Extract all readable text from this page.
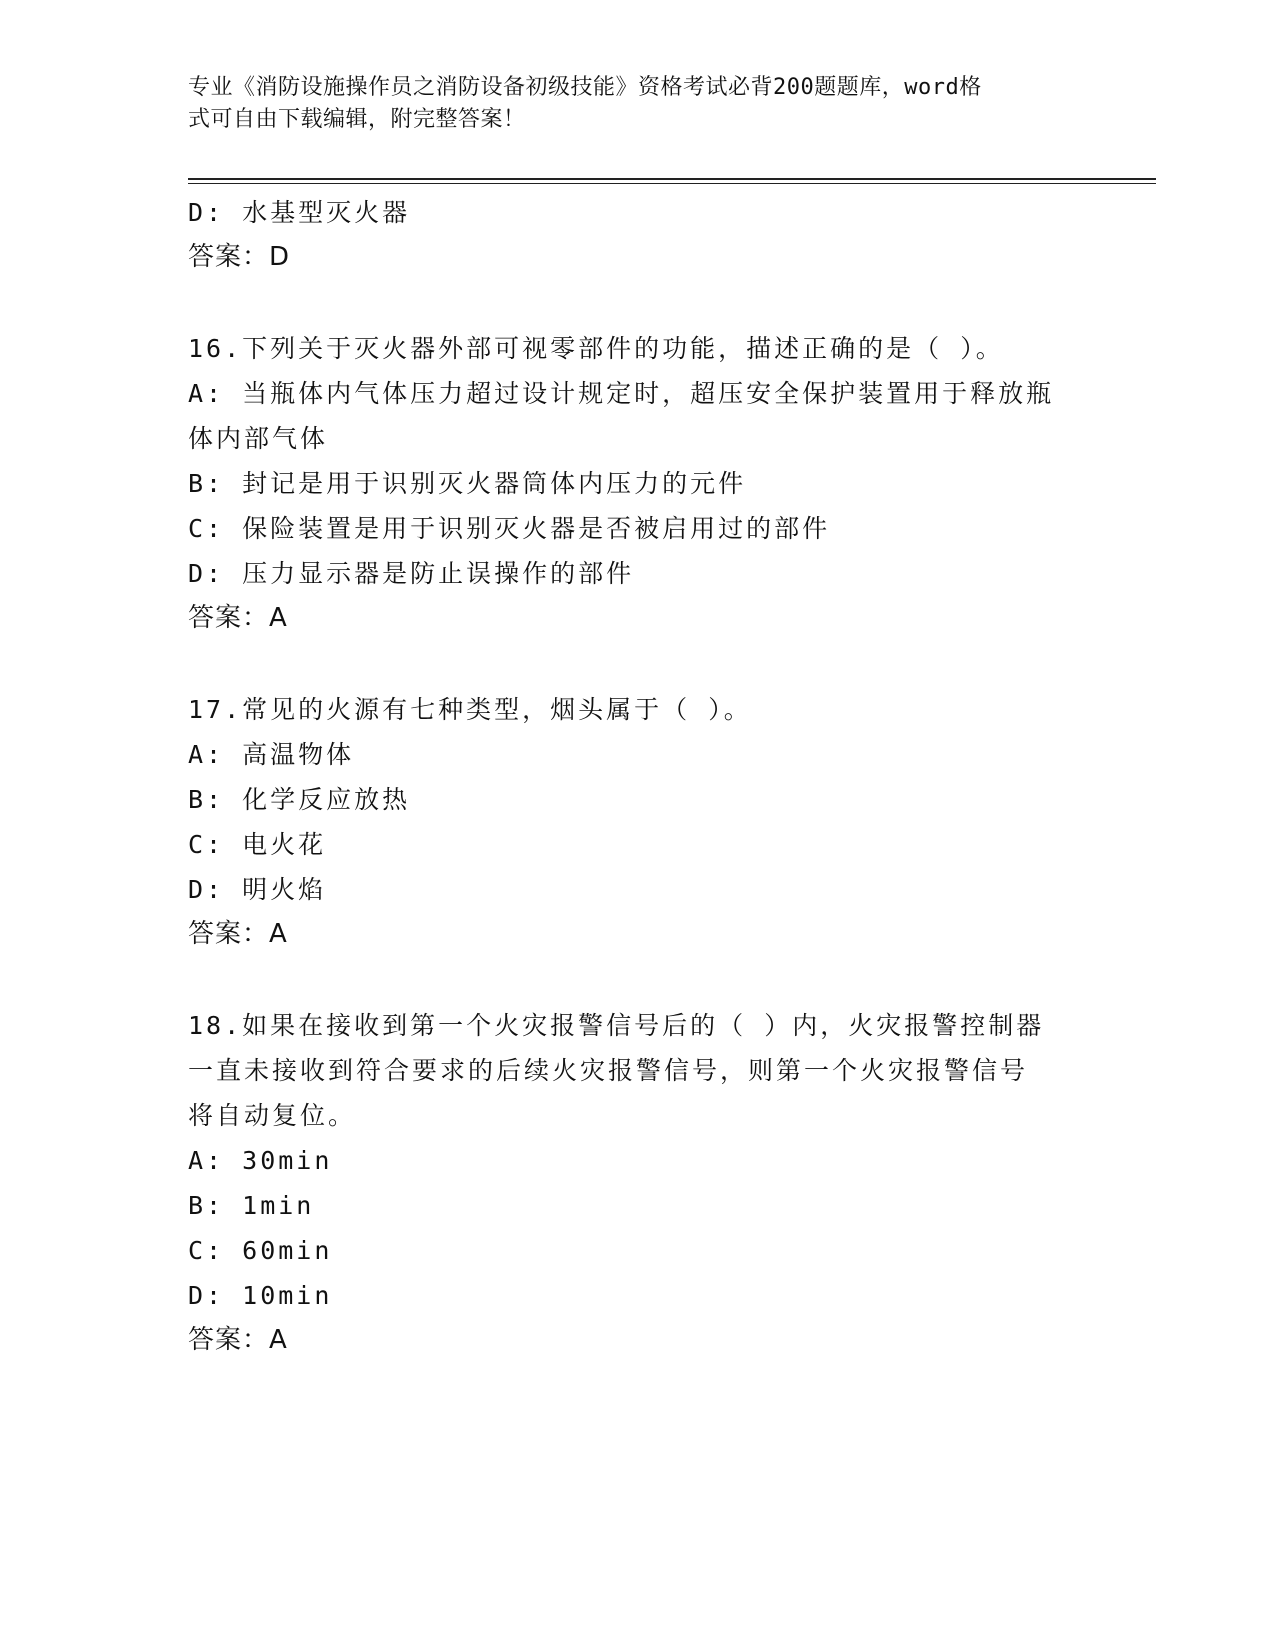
专业《消防设施操作员之消防设备初级技能》资格考试必背200题题库，word格
式可自由下载编辑，附完整答案！
D: 水基型灭火器
答案：D
16.下列关于灭火器外部可视零部件的功能，描述正确的是（ ）。
A: 当瓶体内气体压力超过设计规定时，超压安全保护装置用于释放瓶
体内部气体
B: 封记是用于识别灭火器筒体内压力的元件
C: 保险装置是用于识别灭火器是否被启用过的部件
D: 压力显示器是防止误操作的部件
答案：A
17.常见的火源有七种类型，烟头属于（ ）。
A: 高温物体
B: 化学反应放热
C: 电火花
D: 明火焰
答案：A
18.如果在接收到第一个火灾报警信号后的（ ）内，火灾报警控制器
一直未接收到符合要求的后续火灾报警信号，则第一个火灾报警信号
将自动复位。
A: 30min
B: 1min
C: 60min
D: 10min
答案：A
